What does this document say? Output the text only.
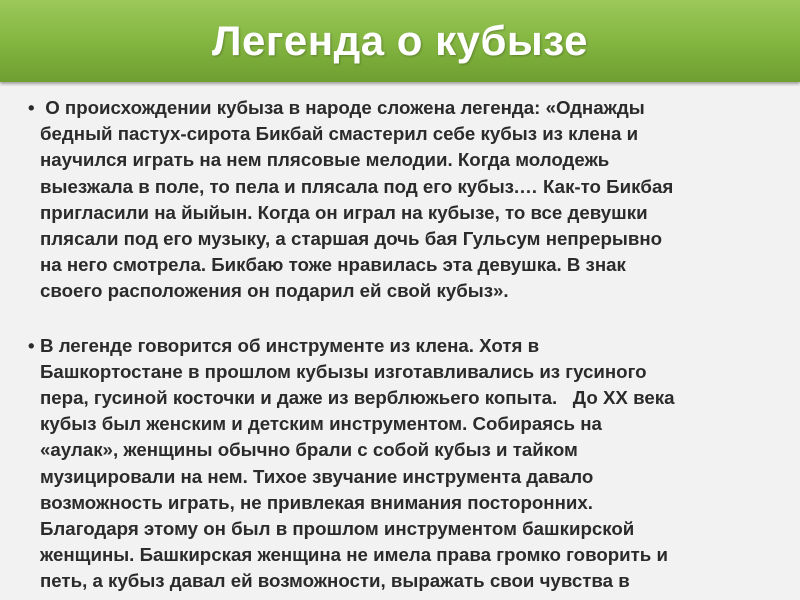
Легенда о кубызе
• О происхождении кубыза в народе сложена легенда: «Однажды
бедный пастух-сирота Бикбай смастерил себе кубыз из клена и
научился играть на нем плясовые мелодии. Когда молодежь
выезжала в поле, то пела и плясала под его кубыз.… Как-то Бикбая
пригласили на йыйын. Когда он играл на кубызе, то все девушки
плясали под его музыку, а старшая дочь бая Гульсум непрерывно
на него смотрела. Бикбаю тоже нравилась эта девушка. В знак
своего расположения он подарил ей свой кубыз».
• В легенде говорится об инструменте из клена. Хотя в
Башкортостане в прошлом кубызы изготавливались из гусиного
пера, гусиной косточки и даже из верблюжьего копыта.   До XX века
кубыз был женским и детским инструментом. Собираясь на
«аулак», женщины обычно брали с собой кубыз и тайком
музицировали на нем. Тихое звучание инструмента давало
возможность играть, не привлекая внимания посторонних.
Благодаря этому он был в прошлом инструментом башкирской
женщины. Башкирская женщина не имела права громко говорить и
петь, а кубыз давал ей возможности, выражать свои чувства в
